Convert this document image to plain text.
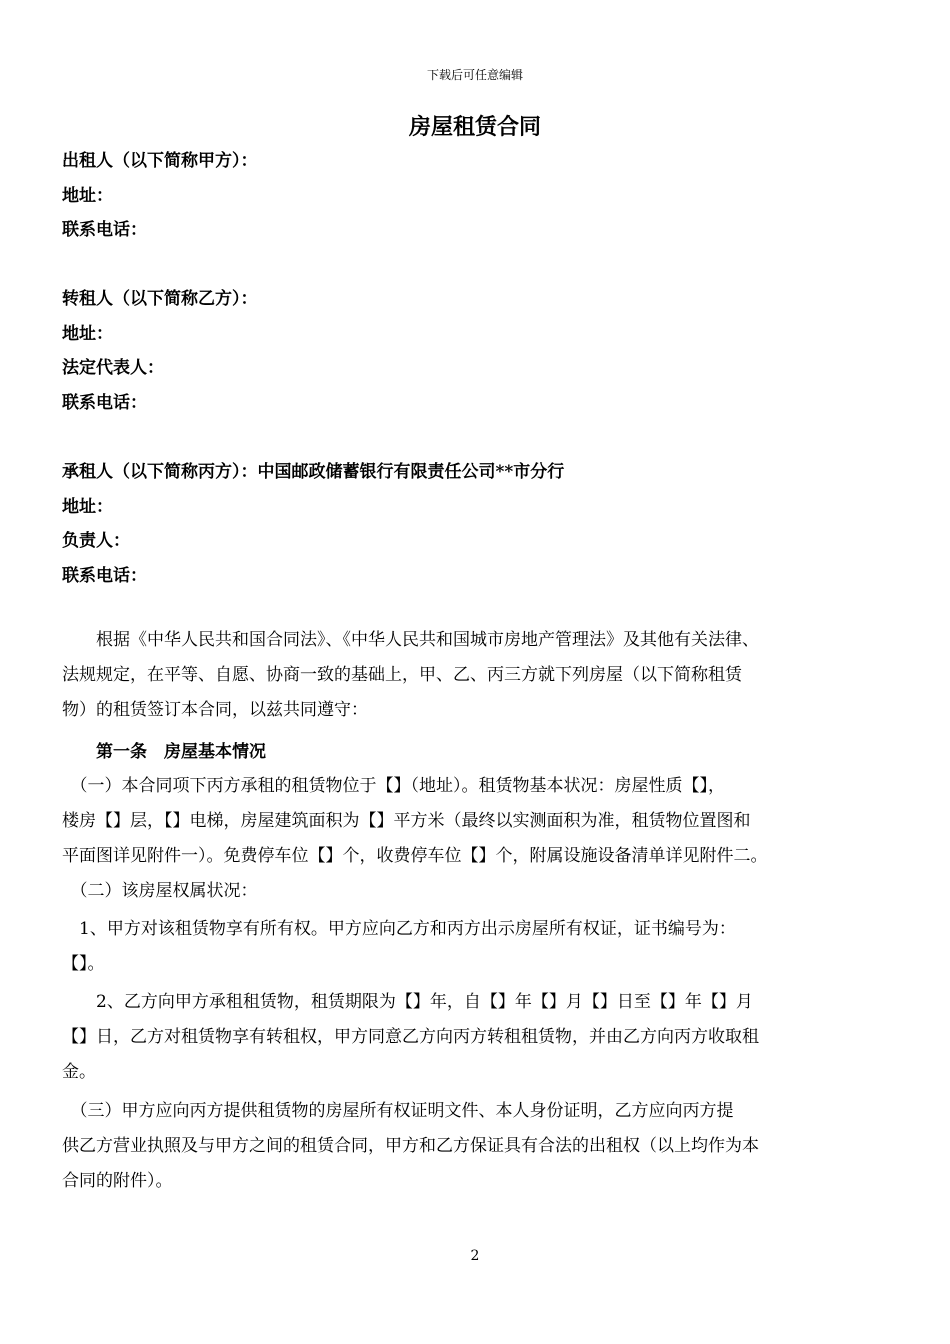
下载后可任意编辑
房屋租赁合同
出租人（以下简称甲方）：
地址：
联系电话：
转租人（以下简称乙方）：
地址：
法定代表人：
联系电话：
承租人（以下简称丙方）：中国邮政储蓄银行有限责任公司**市分行
地址：
负责人：
联系电话：

　　根据《中华人民共和国合同法》、《中华人民共和国城市房地产管理法》及其他有关法律、

法规规定，在平等、自愿、协商一致的基础上，甲、乙、丙三方就下列房屋（以下简称租赁

物）的租赁签订本合同，以兹共同遵守：

第一条　房屋基本情况

　（一）本合同项下丙方承租的租赁物位于【】（地址）。租赁物基本状况：房屋性质【】，

楼房【】层，【】电梯，房屋建筑面积为【】平方米（最终以实测面积为准，租赁物位置图和

平面图详见附件一）。免费停车位【】个，收费停车位【】个，附属设施设备清单详见附件二。

　（二）该房屋权属状况：

　1、甲方对该租赁物享有所有权。甲方应向乙方和丙方出示房屋所有权证，证书编号为：

【】。

　　2、乙方向甲方承租租赁物，租赁期限为【】年，自【】年【】月【】日至【】年【】月

【】日，乙方对租赁物享有转租权，甲方同意乙方向丙方转租租赁物，并由乙方向丙方收取租

金。

　（三）甲方应向丙方提供租赁物的房屋所有权证明文件、本人身份证明，乙方应向丙方提

供乙方营业执照及与甲方之间的租赁合同，甲方和乙方保证具有合法的出租权（以上均作为本

合同的附件）。

2
